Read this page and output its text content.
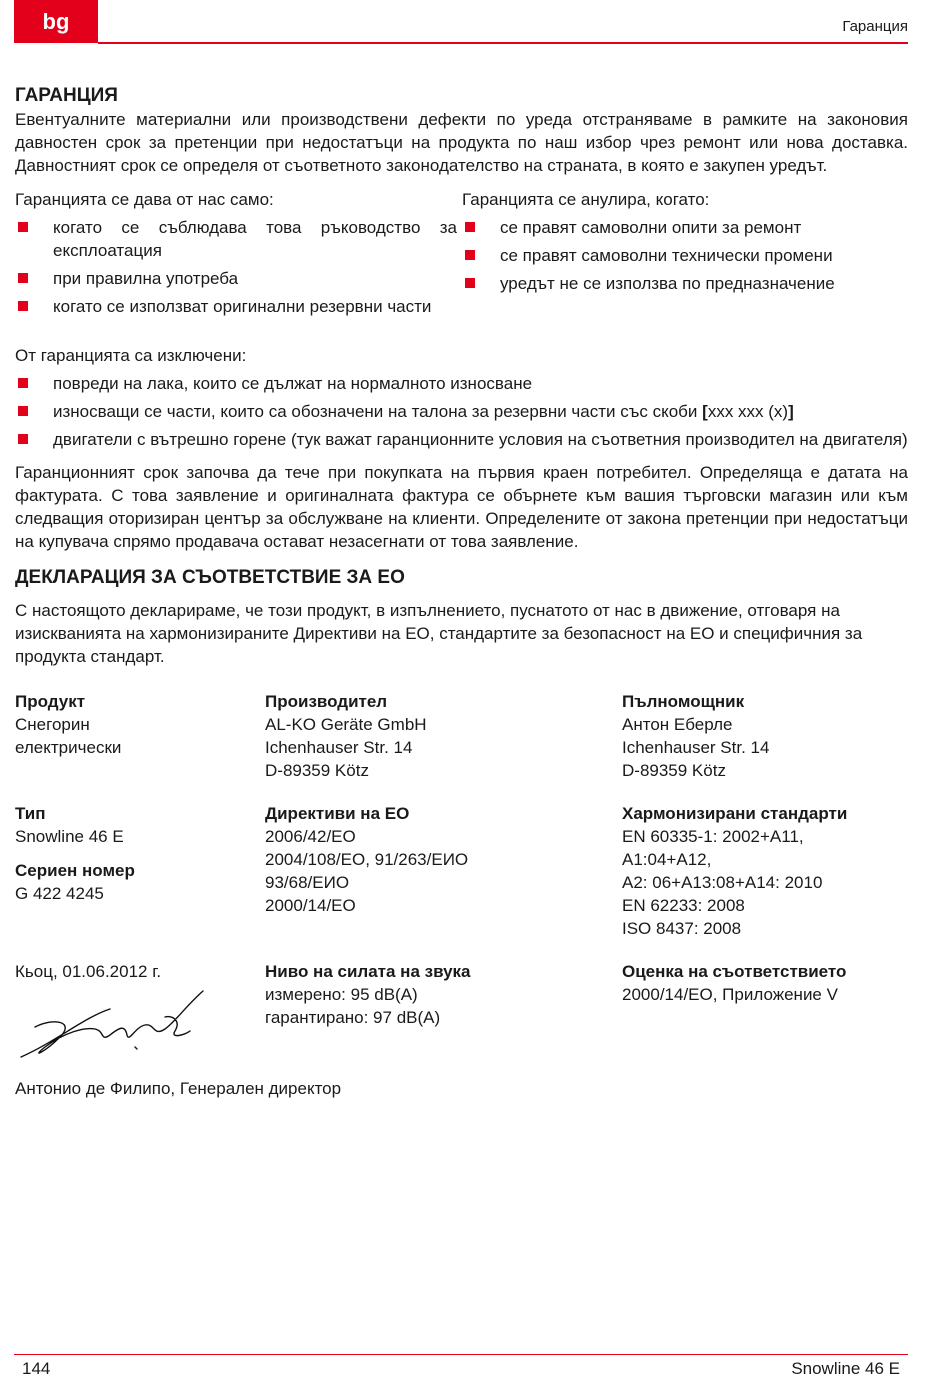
bg	Гаранция
ГАРАНЦИЯ

Евентуалните материални или производствени дефекти по уреда отстраняваме в рамките на законовия давностен срок за претенции при недостатъци на продукта по наш избор чрез ремонт или нова доставка. Давностният срок се определя от съответното законодателство на страната, в която е закупен уредът.

Гаранцията се дава от нас само:

когато се съблюдава това ръководство за експлоатация
при правилна употреба
когато се използват оригинални резервни части

Гаранцията се анулира, когато:

се правят самоволни опити за ремонт
се правят самоволни технически промени
уредът не се използва по предназначение

От гаранцията са изключени:

повреди на лака, които се дължат на нормалното износване
износващи се части, които са обозначени на талона за резервни части със скоби [xxx xxx (x)]
двигатели с вътрешно горене (тук важат гаранционните условия на съответния производител на двигателя)

Гаранционният срок започва да тече при покупката на първия краен потребител. Определяща е датата на фактурата. С това заявление и оригиналната фактура се обърнете към вашия търговски магазин или към следващия оторизиран център за обслужване на клиенти. Определените от закона претенции при недостатъци на купувача спрямо продавача остават незасегнати от това заявление.

ДЕКЛАРАЦИЯ ЗА СЪОТВЕТСТВИЕ ЗА ЕО

С настоящото декларираме, че този продукт, в изпълнението, пуснатото от нас в движение, отговаря на изискванията на хармонизираните Директиви на ЕО, стандартите за безопасност на ЕО и специфичния за продукта стандарт.

Продукт
Снегорин
електрически
Производител
AL-KO Geräte GmbH
Ichenhauser Str. 14
D-89359 Kötz
Пълномощник
Антон Еберле
Ichenhauser Str. 14
D-89359 Kötz
Тип
Snowline 46 E
Сериен номер
G 422 4245
Директиви на ЕО
2006/42/ЕО
2004/108/ЕО, 91/263/ЕИО
93/68/ЕИО
2000/14/ЕО
Хармонизирани стандарти
EN 60335-1: 2002+A11,
A1:04+A12,
A2: 06+A13:08+A14: 2010
EN 62233: 2008
ISO 8437: 2008
Кьоц, 01.06.2012 г.	Ниво на силата на звука
измерено: 95 dB(A)
гарантирано: 97 dB(A)
Оценка на съответствието
2000/14/ЕО, Приложение V
Антонио де Филипо, Генерален директор
144	Snowline 46 E
